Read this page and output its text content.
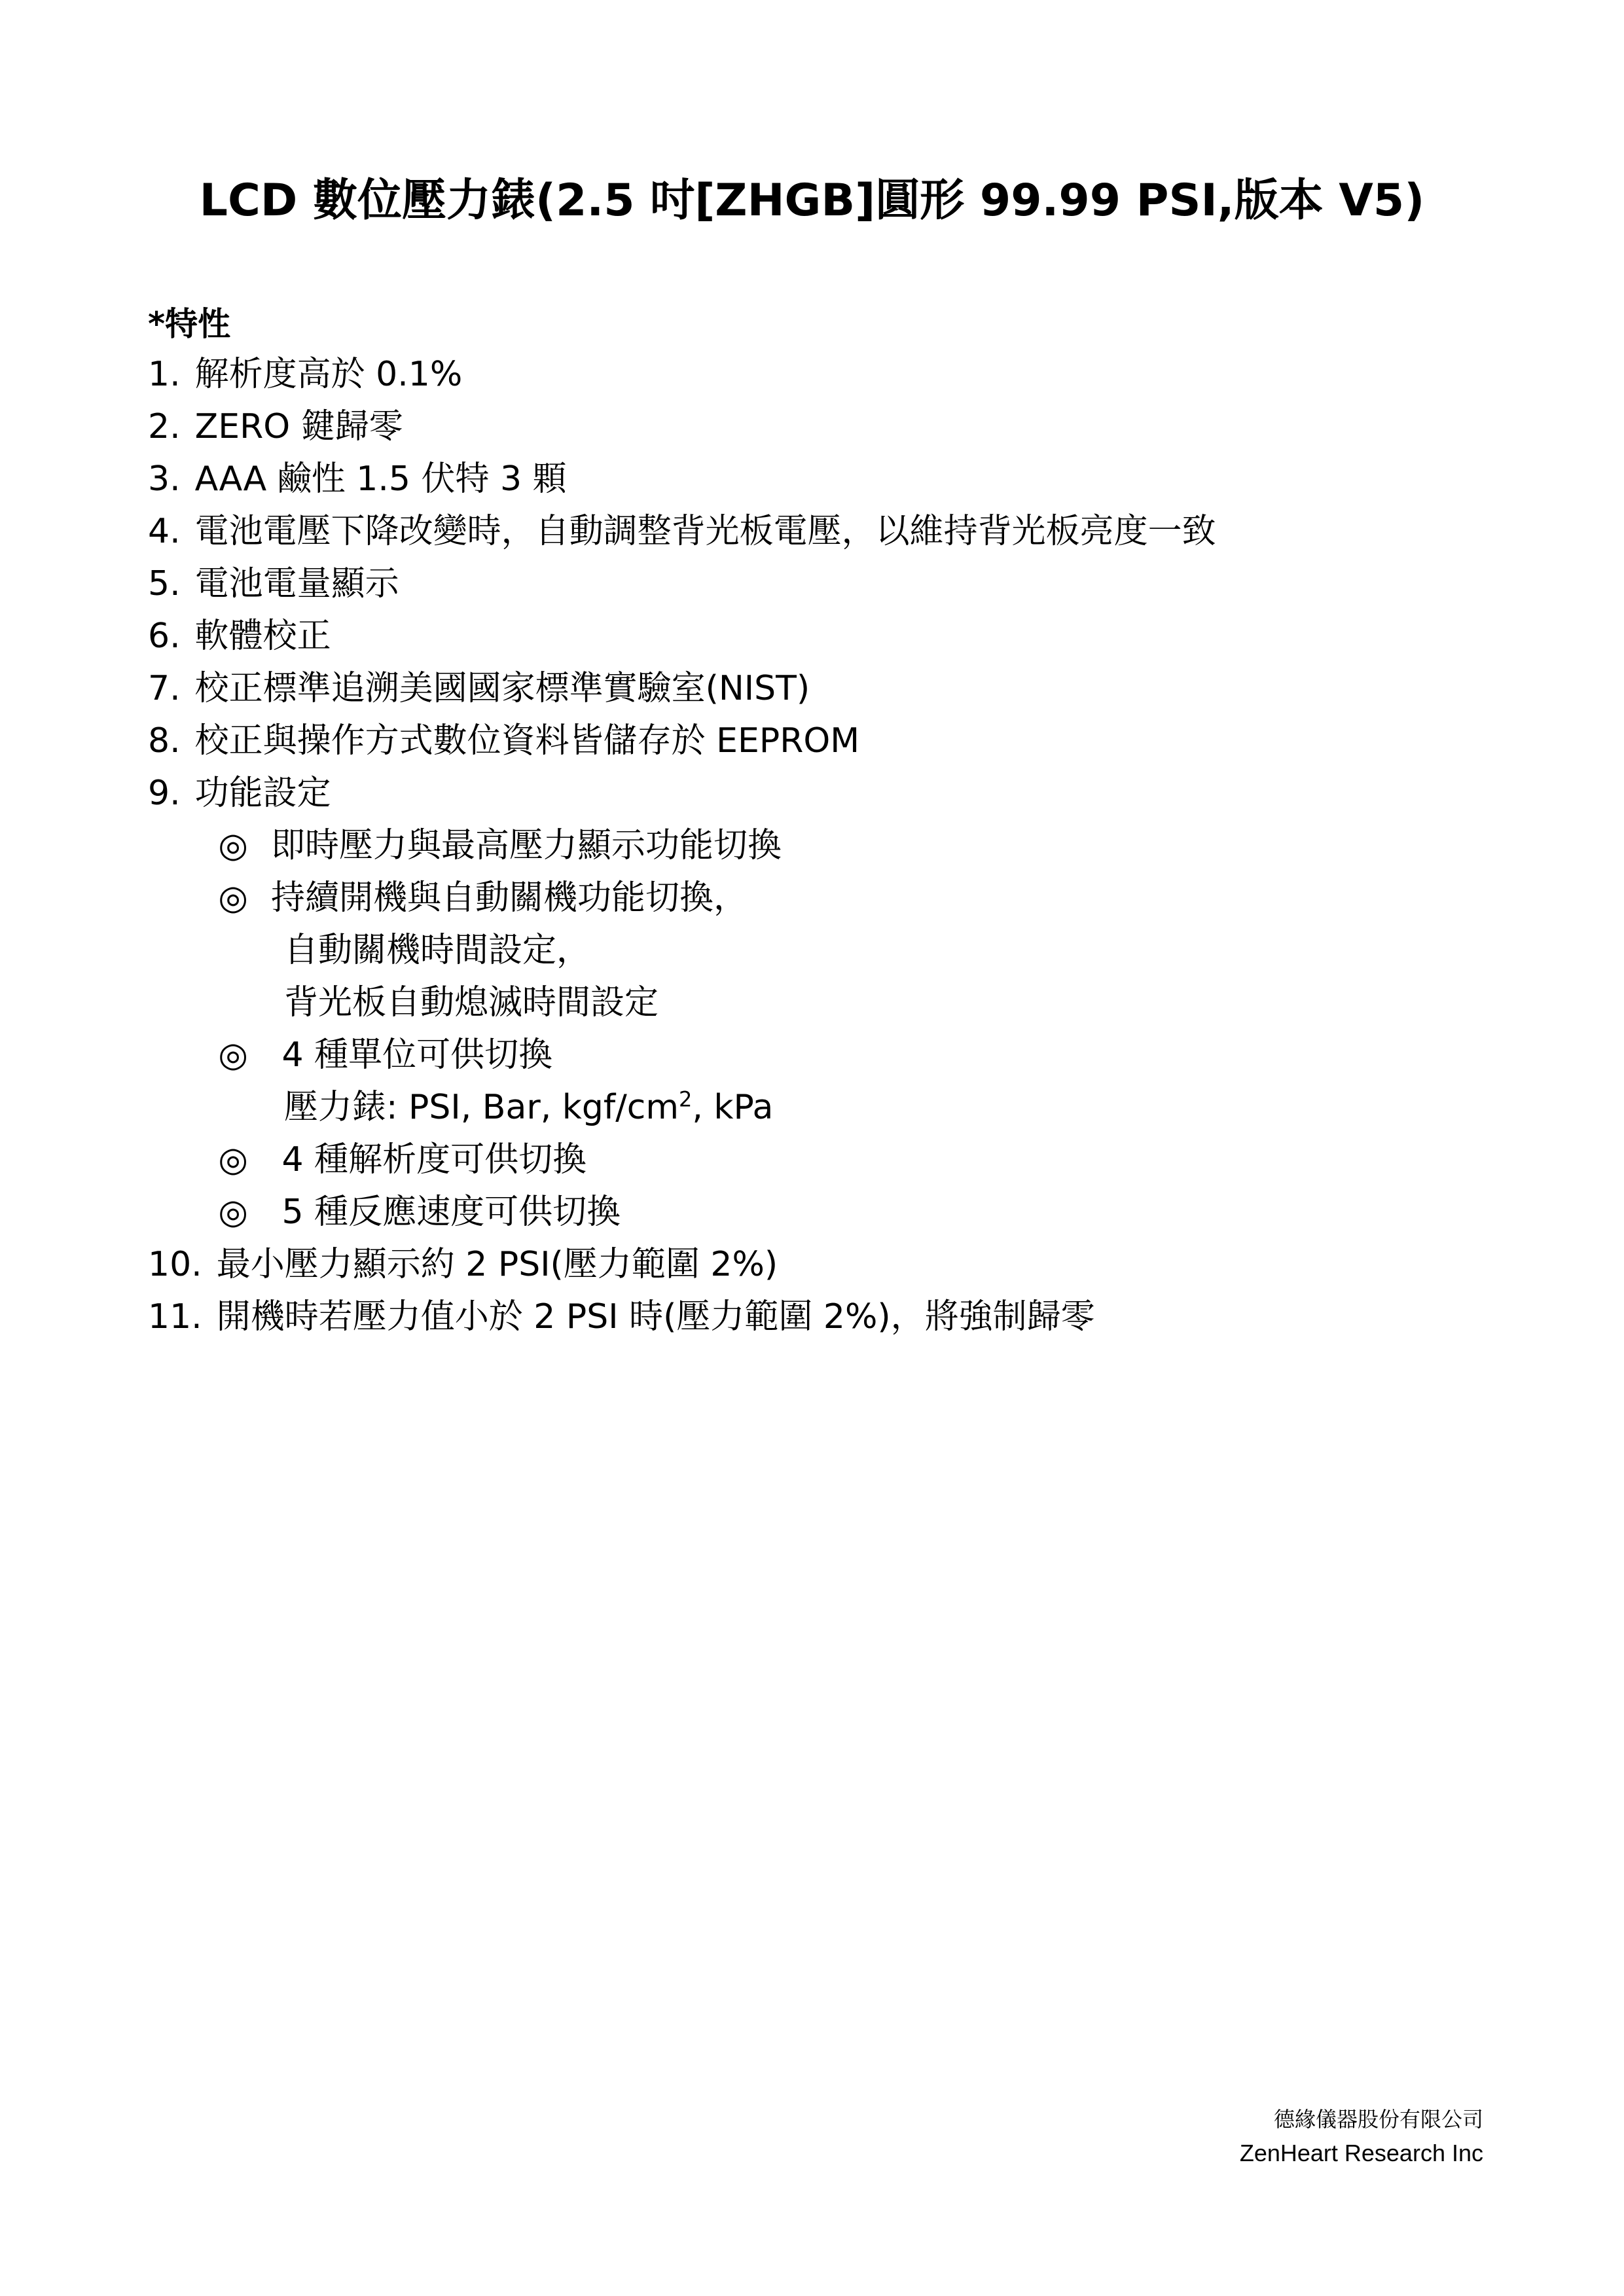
LCD 數位壓力錶(2.5 吋[ZHGB]圓形 99.99 PSI,版本 V5)
*特性
1. 解析度高於 0.1%
2. ZERO 鍵歸零
3. AAA 鹼性 1.5 伏特 3 顆
4. 電池電壓下降改變時，自動調整背光板電壓，以維持背光板亮度一致
5. 電池電量顯示
6. 軟體校正
7. 校正標準追溯美國國家標準實驗室(NIST)
8. 校正與操作方式數位資料皆儲存於 EEPROM
9. 功能設定
◎ 即時壓力與最高壓力顯示功能切換
◎ 持續開機與自動關機功能切換，
自動關機時間設定，
背光板自動熄滅時間設定
◎ 4 種單位可供切換
壓力錶: PSI, Bar, kgf/$cm^2$, kPa
◎ 4 種解析度可供切換
◎ 5 種反應速度可供切換
10. 最小壓力顯示約 2 PSI(壓力範圍 2%)
11. 開機時若壓力值小於 2 PSI 時(壓力範圍 2%)，將強制歸零
德緣儀器股份有限公司
ZenHeart Research Inc
